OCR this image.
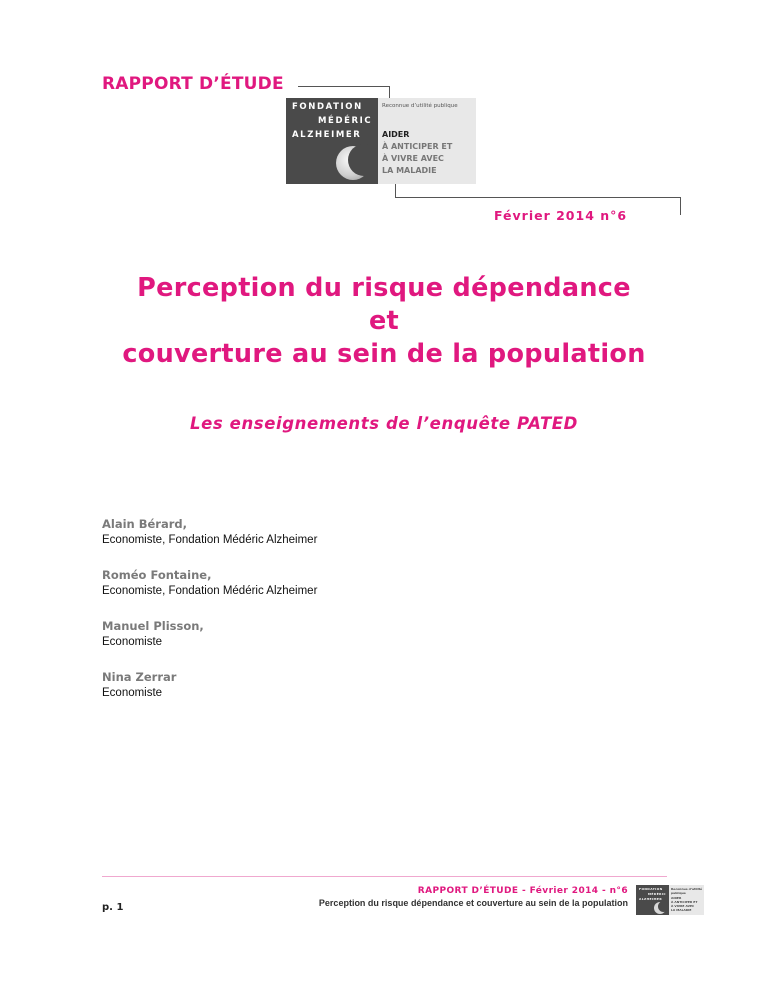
RAPPORT D’ÉTUDE
FONDATION
MÉDÉRIC
ALZHEIMER
Reconnue d’utilité publique
AIDER
À ANTICIPER ET
À VIVRE AVEC
LA MALADIE
Février 2014 n°6
Perception du risque dépendance
et
couverture au sein de la population
Les enseignements de l’enquête PATED
Alain Bérard,
Economiste, Fondation Médéric Alzheimer
Roméo Fontaine,
Economiste, Fondation Médéric Alzheimer
Manuel Plisson,
Economiste
Nina Zerrar
Economiste
p. 1
RAPPORT D’ÉTUDE - Février 2014 - n°6
Perception du risque dépendance et couverture au sein de la population
FONDATION
MÉDÉRIC
ALZHEIMER
Reconnue d’utilité publique
AIDER
À ANTICIPER ET
À VIVRE AVEC
LA MALADIE
